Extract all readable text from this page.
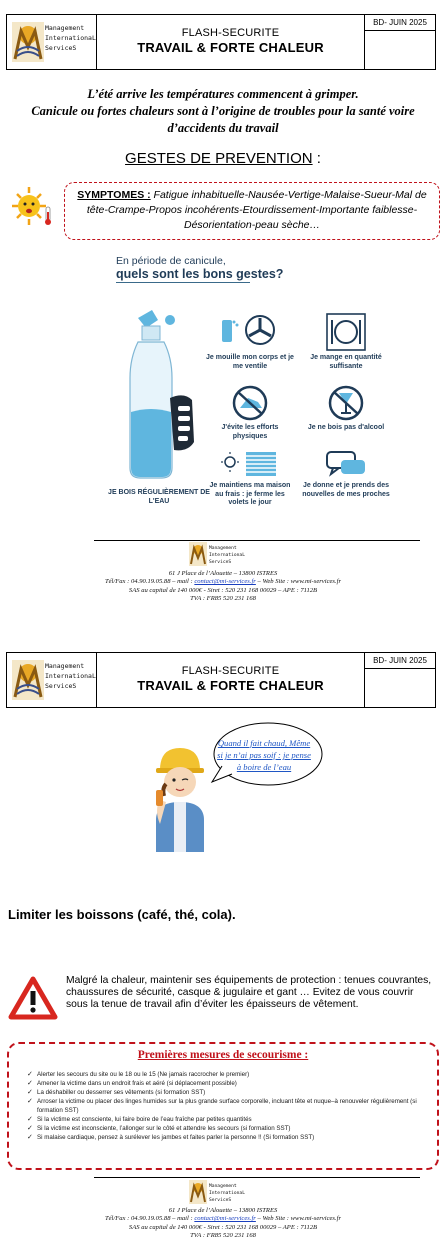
Management
InternationaL
ServiceS
FLASH-SECURITE
TRAVAIL & FORTE CHALEUR
BD- JUIN 2025
L’été arrive les températures commencent à grimper.
Canicule ou fortes chaleurs sont à l’origine de troubles pour la santé voire
d’accidents du travail
GESTES DE PREVENTION :
SYMPTOMES : Fatigue inhabituelle-Nausée-Vertige-Malaise-Sueur-Mal de tête-Crampe-Propos incohérents-Etourdissement-Importante faiblesse-Désorientation-peau sèche…
En période de canicule,
quels sont les bons gestes?
JE BOIS RÉGULIÈREMENT DE L'EAU
Je mouille mon corps et je me ventile
Je mange en quantité suffisante
J'évite les efforts physiques
Je ne bois pas d'alcool
Je maintiens ma maison au frais : je ferme les volets le jour
Je donne et je prends des nouvelles de mes proches
Management
InternationaL
ServiceS
61 J Place de l’Alouette – 13800 ISTRES
Tél/Fax : 04.90.19.05.88 – mail : contact@mi-services.fr – Web Site : www.mi-services.fr
SAS au capital de 140 000€ - Siret : 520 231 168 00029 – APE : 7112B
TVA : FR85 520 231 168
Management
InternationaL
ServiceS
FLASH-SECURITE
TRAVAIL & FORTE CHALEUR
BD- JUIN 2025
Quand il fait chaud, Même si je n’ai pas soif : je pense à boire de l’eau
Limiter les boissons (café, thé, cola).
Malgré la chaleur, maintenir ses équipements de protection : tenues couvrantes, chaussures de sécurité, casque & jugulaire et gant … Evitez de vous couvrir sous la tenue de travail afin d’éviter les épaisseurs de vêtement.
Premières mesures de secourisme :
✓ Alerter les secours du site ou le 18 ou le 15 (Ne jamais raccrocher le premier)
✓ Amener la victime dans un endroit frais et aéré (si déplacement possible)
✓ La déshabiller ou desserrer ses vêtements (si formation SST)
✓ Arroser la victime ou placer des linges humides sur la plus grande surface corporelle, incluant tête et nuque–à renouveler régulièrement (si formation SST)
✓ Si la victime est consciente, lui faire boire de l’eau fraîche par petites quantités
✓ Si la victime est inconsciente, l’allonger sur le côté et attendre les secours (si formation SST)
✓ Si malaise cardiaque, pensez à surélever les jambes et faites parler la personne !! (Si formation SST)
Management
InternationaL
ServiceS
61 J Place de l’Alouette – 13800 ISTRES
Tél/Fax : 04.90.19.05.88 – mail : contact@mi-services.fr – Web Site : www.mi-services.fr
SAS au capital de 140 000€ - Siret : 520 231 168 00029 – APE : 7112B
TVA : FR85 520 231 168
